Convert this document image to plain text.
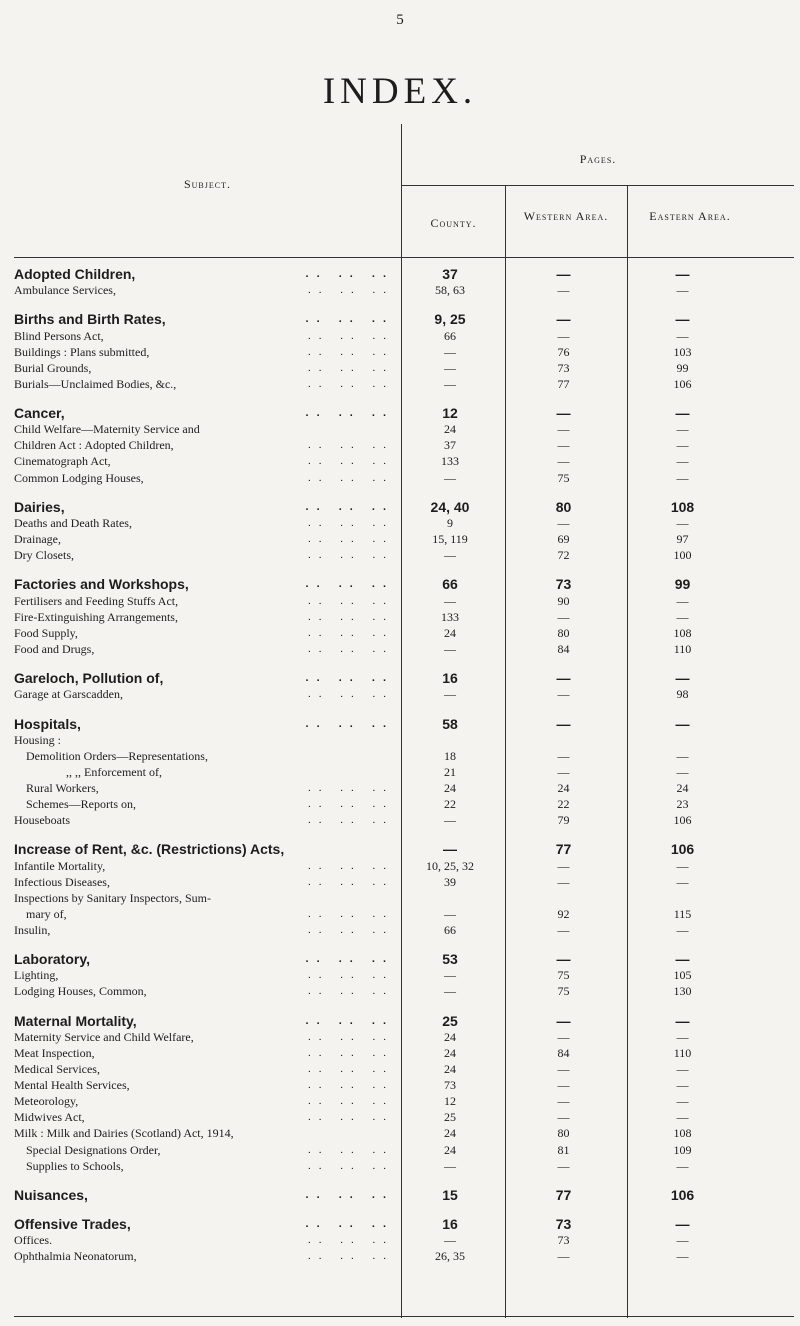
5
INDEX.
Subject.
Pages.
County.	Western Area.	Eastern Area.
Adopted Children,	.. .. ..	37	—	—
Ambulance Services,	.. .. ..	58, 63	—	—
Births and Birth Rates,	.. .. ..	9, 25	—	—
Blind Persons Act,	.. .. ..	66	—	—
Buildings : Plans submitted,	.. .. ..	—	76	103
Burial Grounds,	.. .. ..	—	73	99
Burials—Unclaimed Bodies, &c.,	.. .. ..	—	77	106
Cancer,	.. .. ..	12	—	—
Child Welfare—Maternity Service and	24	—	—
Children Act : Adopted Children,	.. .. ..	37	—	—
Cinematograph Act,	.. .. ..	133	—	—
Common Lodging Houses,	.. .. ..	—	75	—
Dairies,	.. .. ..	24, 40	80	108
Deaths and Death Rates,	.. .. ..	9	—	—
Drainage,	.. .. ..	15, 119	69	97
Dry Closets,	.. .. ..	—	72	100
Factories and Workshops,	.. .. ..	66	73	99
Fertilisers and Feeding Stuffs Act,	.. .. ..	—	90	—
Fire-Extinguishing Arrangements,	.. .. ..	133	—	—
Food Supply,	.. .. ..	24	80	108
Food and Drugs,	.. .. ..	—	84	110
Gareloch, Pollution of,	.. .. ..	16	—	—
Garage at Garscadden,	.. .. ..	—	—	98
Hospitals,	.. .. ..	58	—	—
Housing :
Demolition Orders—Representations,	18	—	—
,, ,, Enforcement of,	21	—	—
Rural Workers,	.. .. ..	24	24	24
Schemes—Reports on,	.. .. ..	22	22	23
Houseboats	.. .. ..	—	79	106
Increase of Rent, &c. (Restrictions) Acts,	—	77	106
Infantile Mortality,	.. .. ..	10, 25, 32	—	—
Infectious Diseases,	.. .. ..	39	—	—
Inspections by Sanitary Inspectors, Sum-
mary of,	.. .. ..	—	92	115
Insulin,	.. .. ..	66	—	—
Laboratory,	.. .. ..	53	—	—
Lighting,	.. .. ..	—	75	105
Lodging Houses, Common,	.. .. ..	—	75	130
Maternal Mortality,	.. .. ..	25	—	—
Maternity Service and Child Welfare,	.. .. ..	24	—	—
Meat Inspection,	.. .. ..	24	84	110
Medical Services,	.. .. ..	24	—	—
Mental Health Services,	.. .. ..	73	—	—
Meteorology,	.. .. ..	12	—	—
Midwives Act,	.. .. ..	25	—	—
Milk : Milk and Dairies (Scotland) Act, 1914,	24	80	108
Special Designations Order,	.. .. ..	24	81	109
Supplies to Schools,	.. .. ..	—	—	—
Nuisances,	.. .. ..	15	77	106
Offensive Trades,	.. .. ..	16	73	—
Offices.	.. .. ..	—	73	—
Ophthalmia Neonatorum,	.. .. ..	26, 35	—	—
